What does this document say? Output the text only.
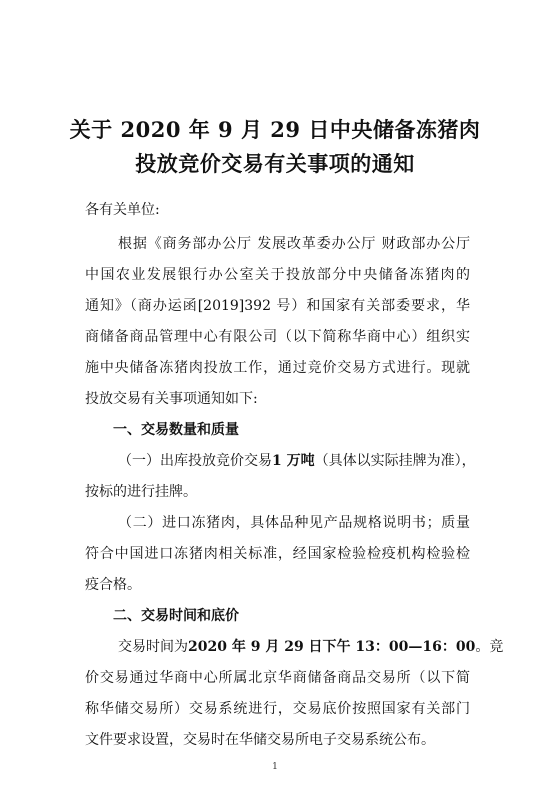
关于 2020 年 9 月 29 日中央储备冻猪肉
投放竞价交易有关事项的通知
各有关单位:
根据《商务部办公厅 发展改革委办公厅 财政部办公厅
中国农业发展银行办公室关于投放部分中央储备冻猪肉的
通知》（商办运函[2019]392 号）和国家有关部委要求，华
商储备商品管理中心有限公司（以下简称华商中心）组织实
施中央储备冻猪肉投放工作，通过竞价交易方式进行。现就
投放交易有关事项通知如下:
一、交易数量和质量
（一）出库投放竞价交易1 万吨（具体以实际挂牌为准），
按标的进行挂牌。
（二）进口冻猪肉，具体品种见产品规格说明书；质量
符合中国进口冻猪肉相关标准，经国家检验检疫机构检验检
疫合格。
二、交易时间和底价
交易时间为2020 年 9 月 29 日下午 13：00—16：00。竞
价交易通过华商中心所属北京华商储备商品交易所（以下简
称华储交易所）交易系统进行，交易底价按照国家有关部门
文件要求设置，交易时在华储交易所电子交易系统公布。
1
